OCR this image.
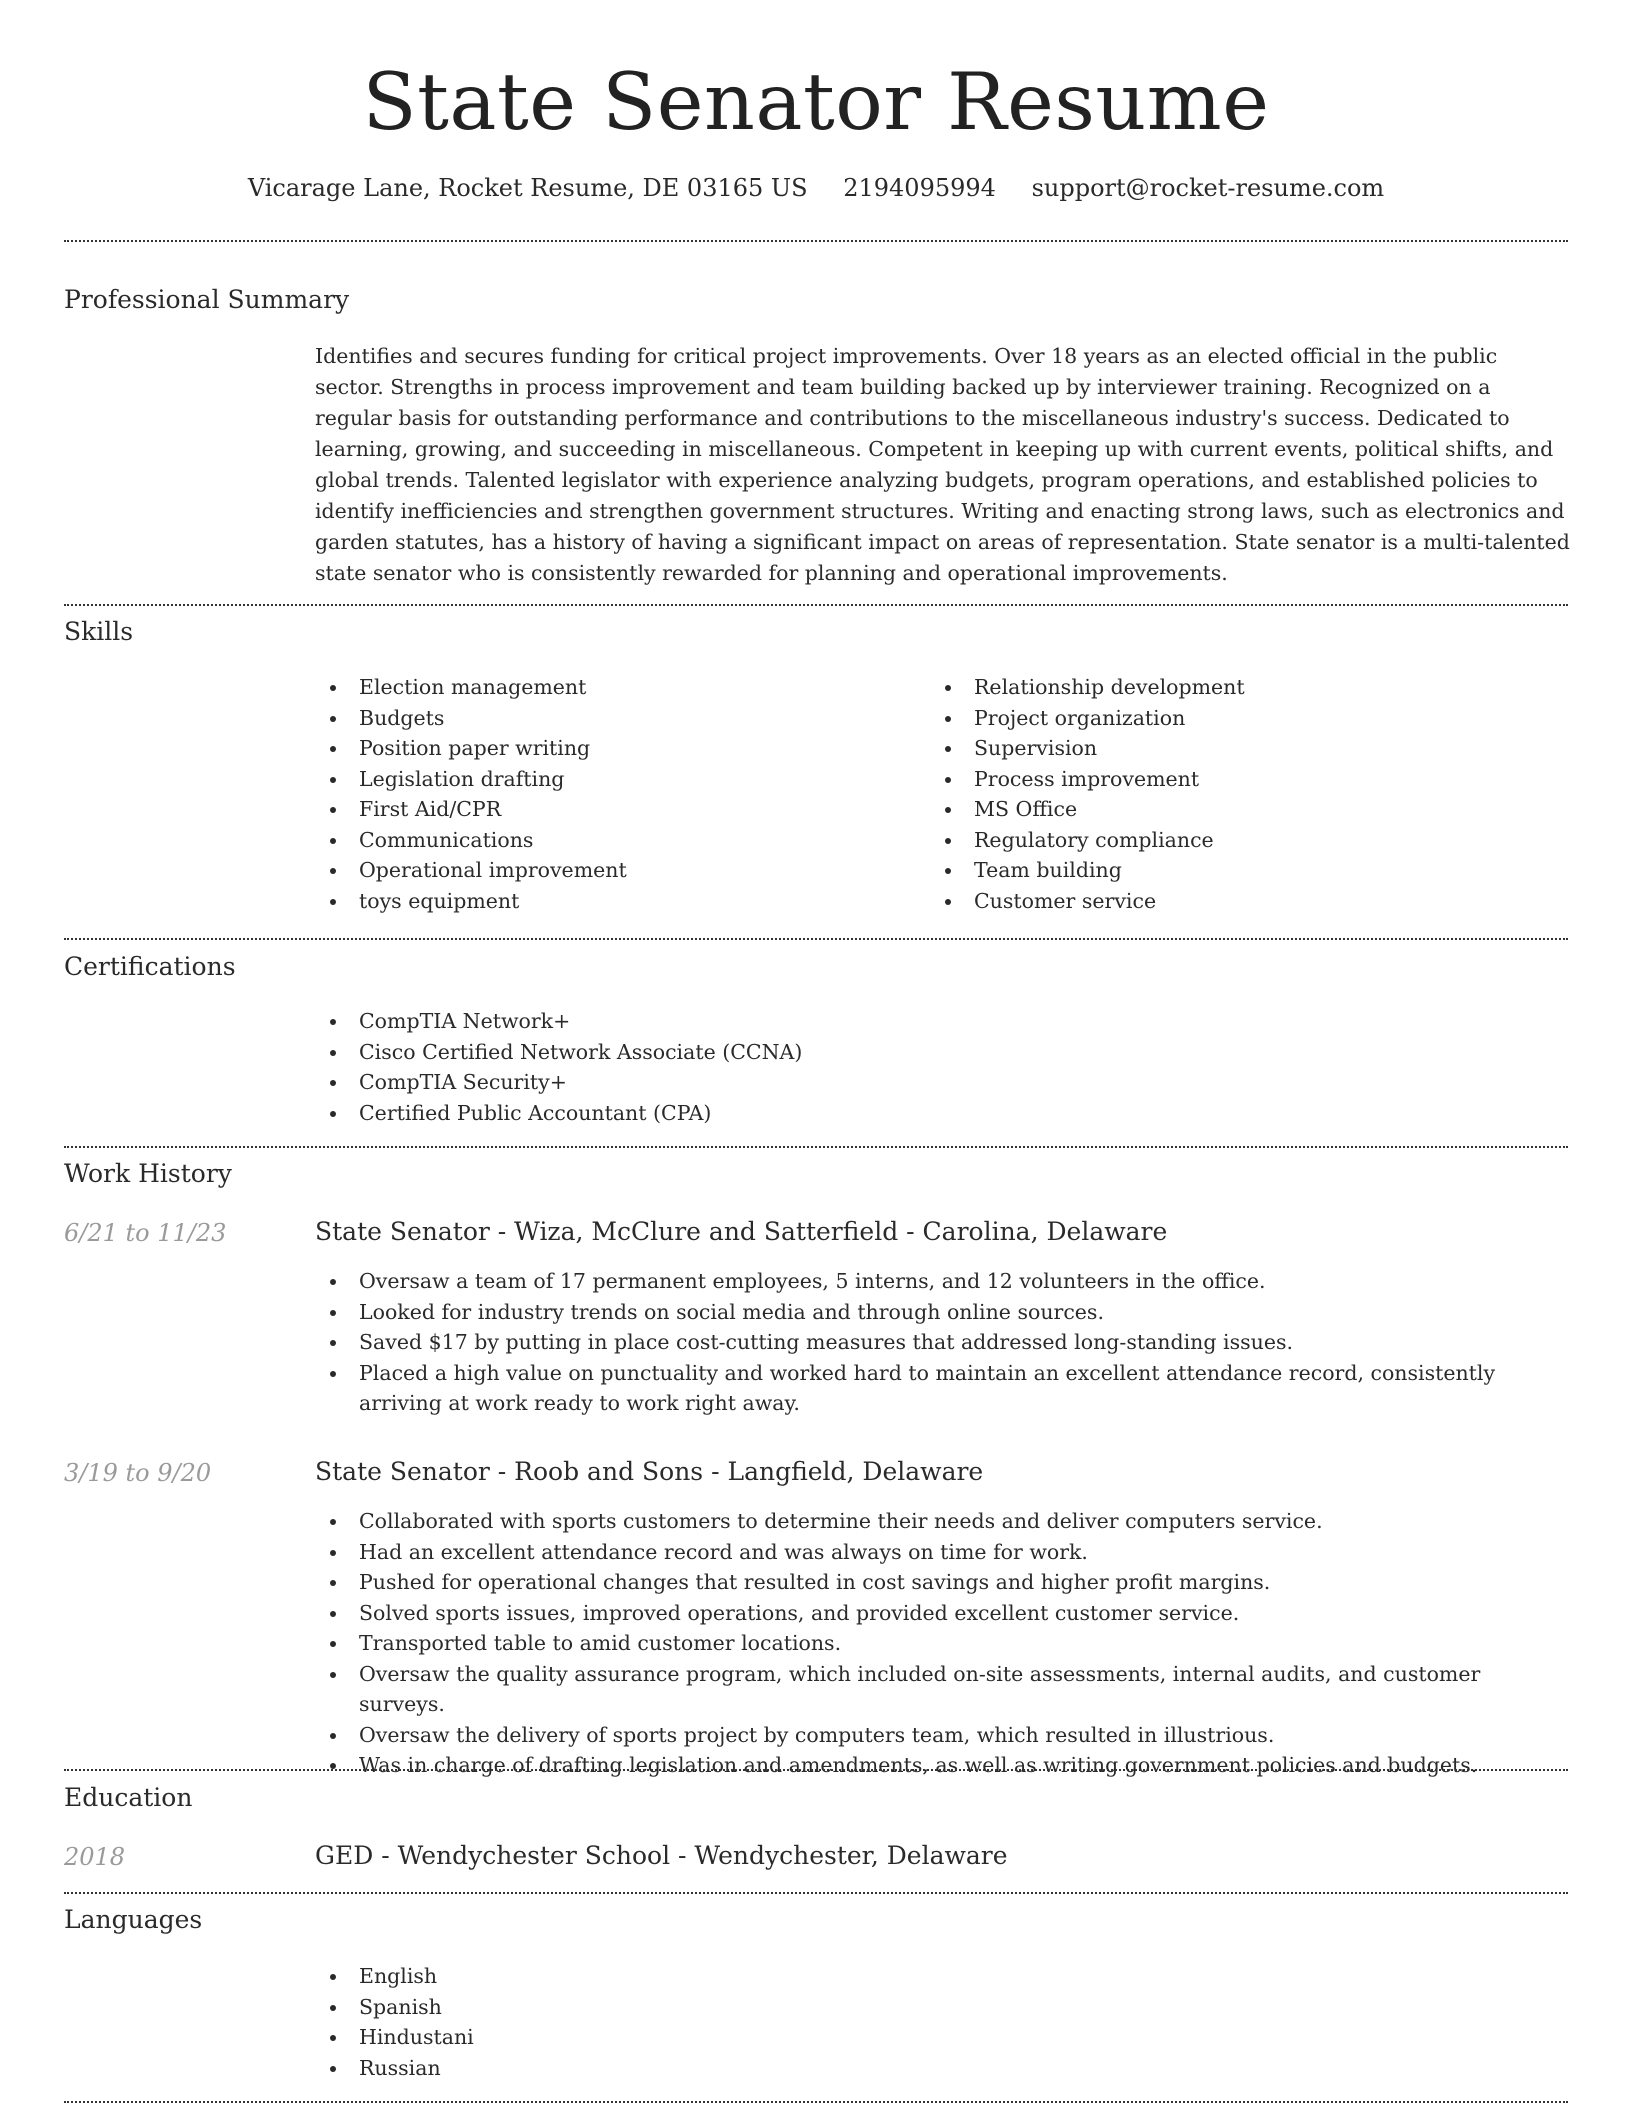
State Senator Resume
Vicarage Lane, Rocket Resume, DE 03165 US 2194095994 support@rocket-resume.com
Professional Summary

Identifies and secures funding for critical project improvements. Over 18 years as an elected official in the public sector. Strengths in process improvement and team building backed up by interviewer training. Recognized on a regular basis for outstanding performance and contributions to the miscellaneous industry's success. Dedicated to learning, growing, and succeeding in miscellaneous. Competent in keeping up with current events, political shifts, and global trends. Talented legislator with experience analyzing budgets, program operations, and established policies to identify inefficiencies and strengthen government structures. Writing and enacting strong laws, such as electronics and garden statutes, has a history of having a significant impact on areas of representation. State senator is a multi-talented state senator who is consistently rewarded for planning and operational improvements.

Skills
Election management
Budgets
Position paper writing
Legislation drafting
First Aid/CPR
Communications
Operational improvement
toys equipment
Relationship development
Project organization
Supervision
Process improvement
MS Office
Regulatory compliance
Team building
Customer service
Certifications
CompTIA Network+
Cisco Certified Network Associate (CCNA)
CompTIA Security+
Certified Public Accountant (CPA)
Work History
6/21 to 11/23	State Senator - Wiza, McClure and Satterfield - Carolina, Delaware
Oversaw a team of 17 permanent employees, 5 interns, and 12 volunteers in the office.
Looked for industry trends on social media and through online sources.
Saved $17 by putting in place cost-cutting measures that addressed long-standing issues.
Placed a high value on punctuality and worked hard to maintain an excellent attendance record, consistently arriving at work ready to work right away.
3/19 to 9/20	State Senator - Roob and Sons - Langfield, Delaware
Collaborated with sports customers to determine their needs and deliver computers service.
Had an excellent attendance record and was always on time for work.
Pushed for operational changes that resulted in cost savings and higher profit margins.
Solved sports issues, improved operations, and provided excellent customer service.
Transported table to amid customer locations.
Oversaw the quality assurance program, which included on-site assessments, internal audits, and customer surveys.
Oversaw the delivery of sports project by computers team, which resulted in illustrious.
Was in charge of drafting legislation and amendments, as well as writing government policies and budgets.
Education
2018	GED - Wendychester School - Wendychester, Delaware
Languages
English
Spanish
Hindustani
Russian
